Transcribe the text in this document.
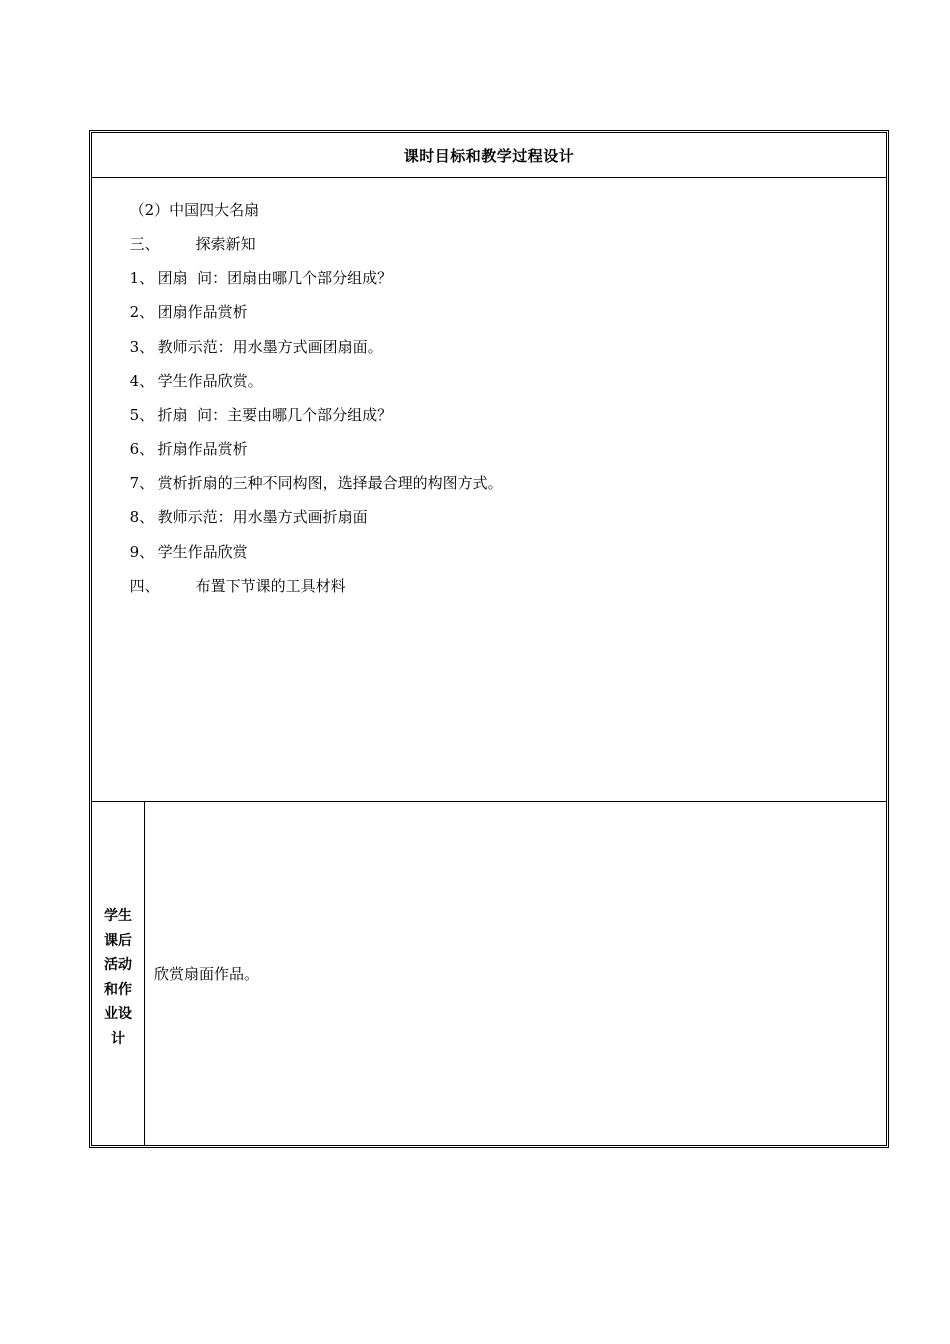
课时目标和教学过程设计

（2）中国四大名扇

三、 探索新知

1、 团扇  问：团扇由哪几个部分组成？

2、 团扇作品赏析

3、 教师示范：用水墨方式画团扇面。

4、 学生作品欣赏。

5、 折扇  问：主要由哪几个部分组成？

6、 折扇作品赏析

7、 赏析折扇的三种不同构图，选择最合理的构图方式。

8、 教师示范：用水墨方式画折扇面

9、 学生作品欣赏

四、 布置下节课的工具材料

学生课后活动和作业设计
欣赏扇面作品。
